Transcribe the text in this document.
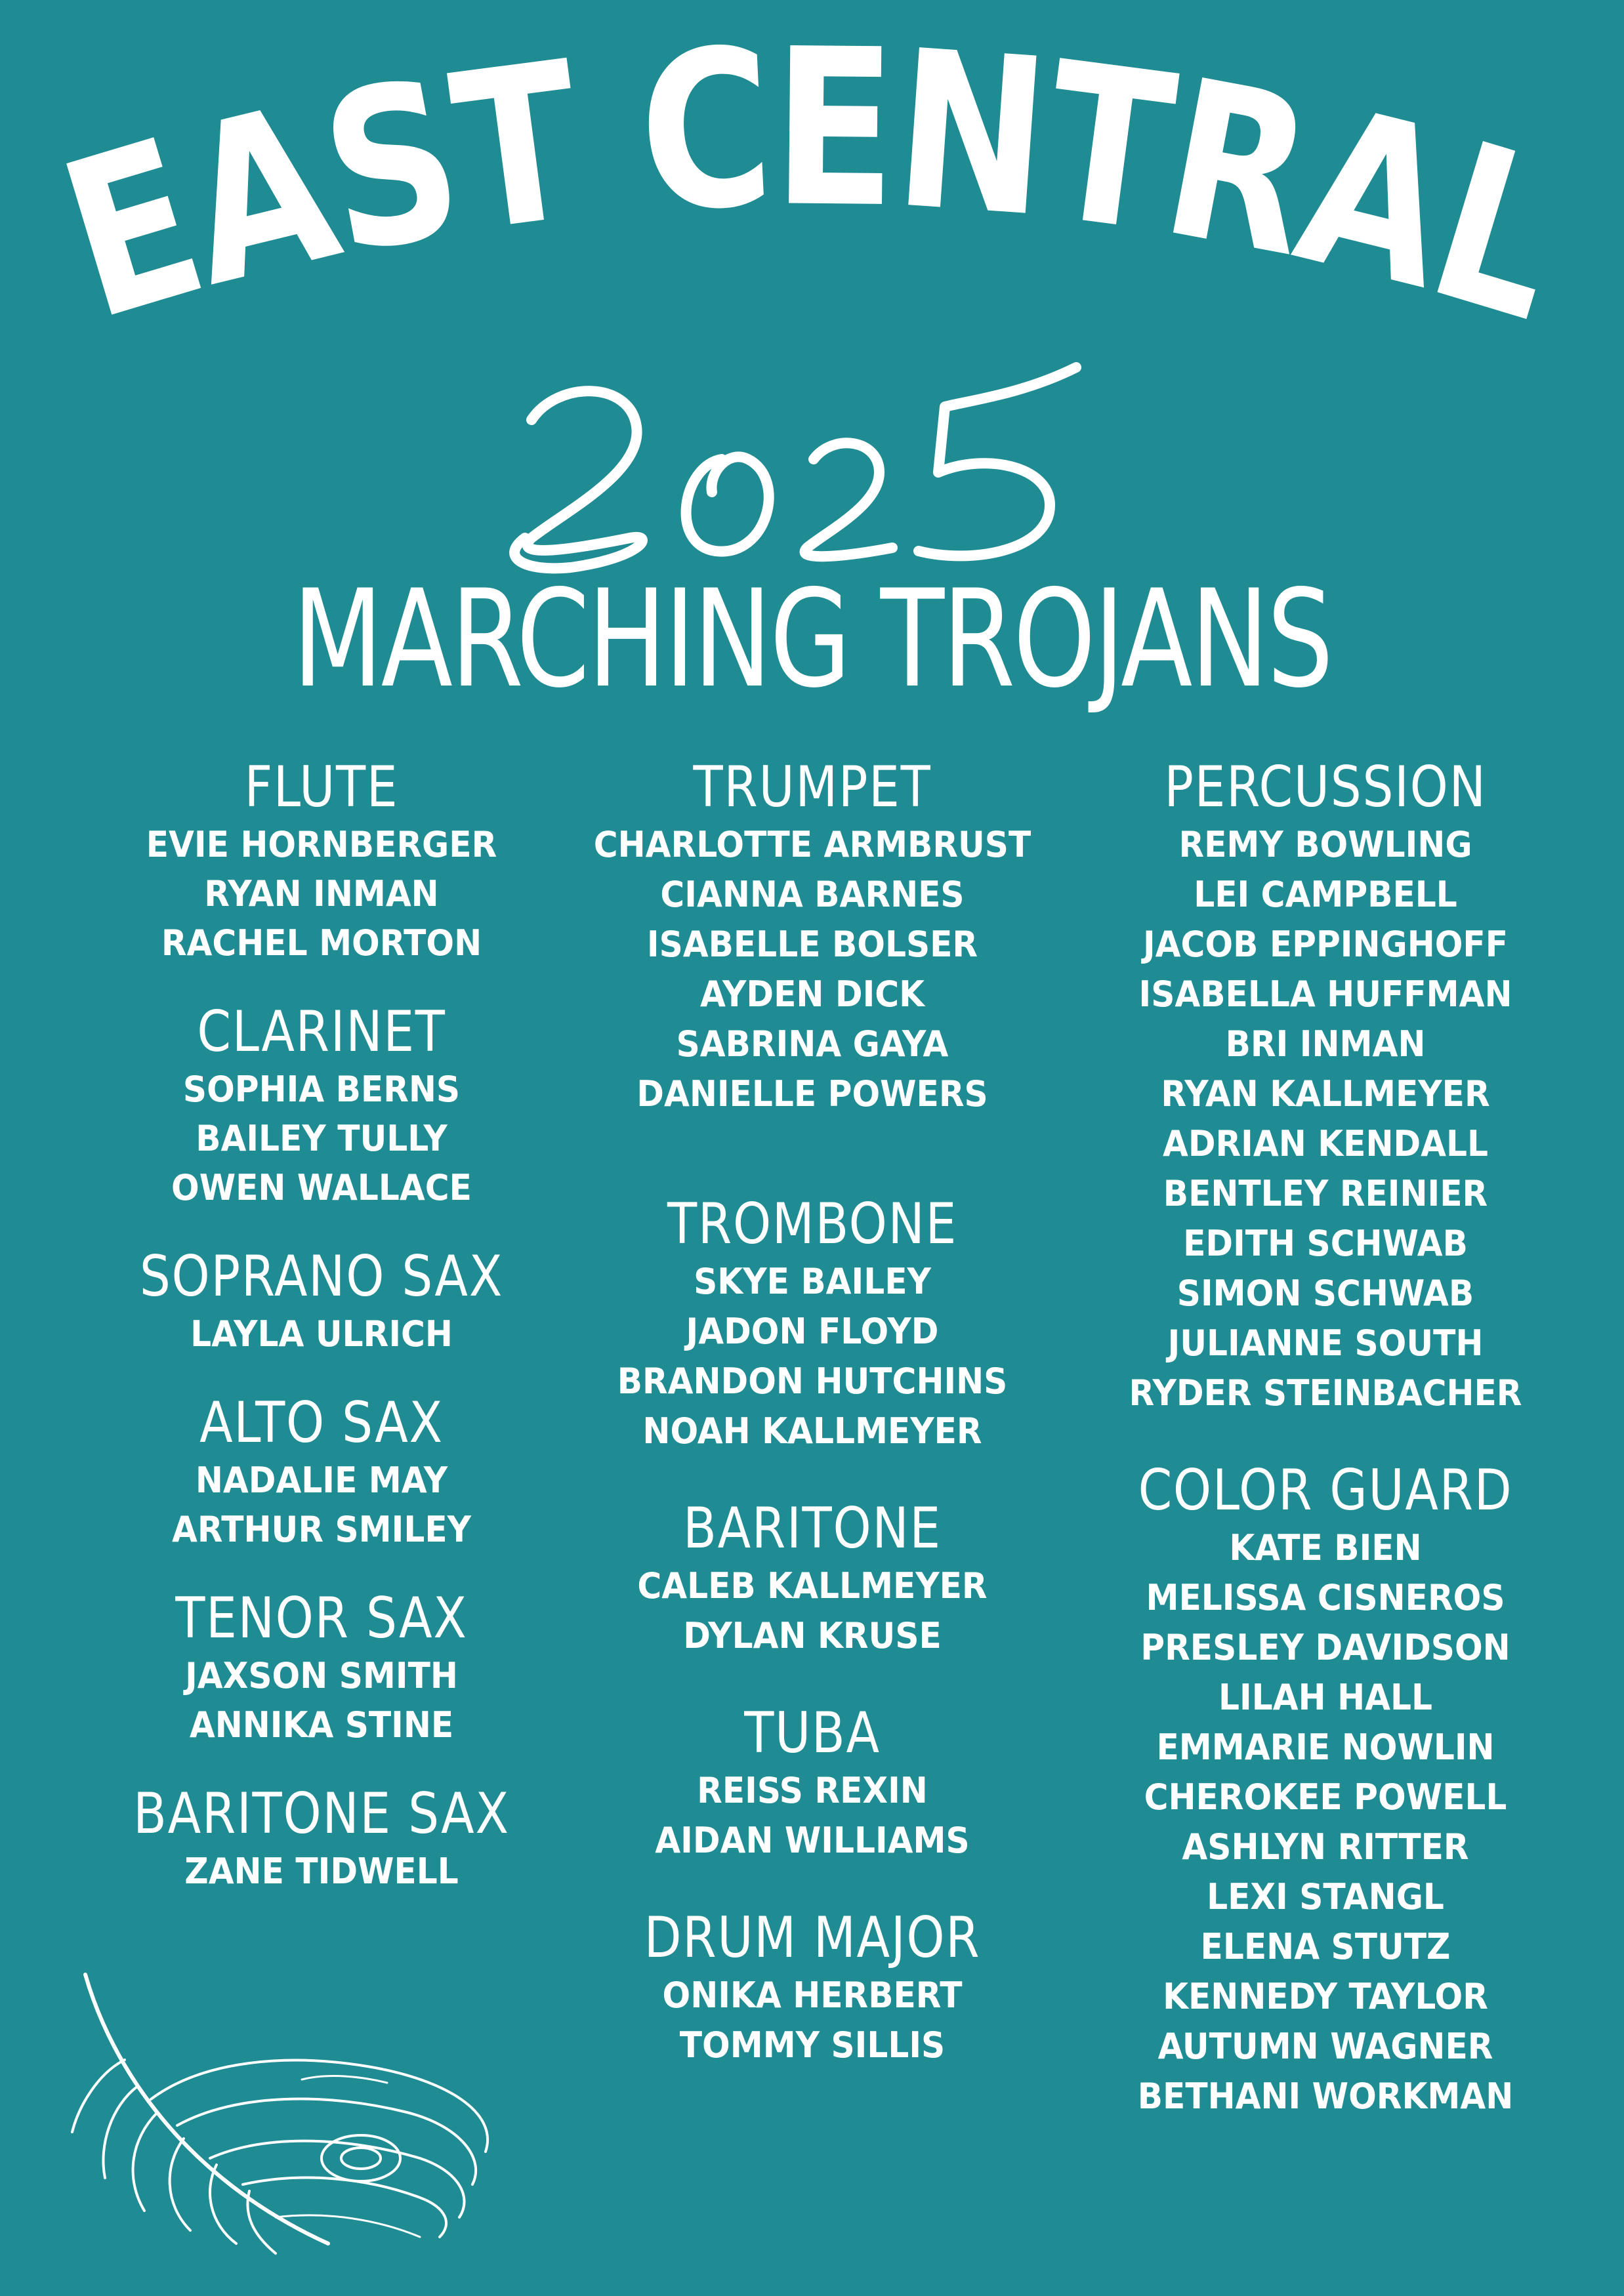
EAST CENTRAL
MARCHING TROJANS
FLUTE
EVIE HORNBERGER
RYAN INMAN
RACHEL MORTON
CLARINET
SOPHIA BERNS
BAILEY TULLY
OWEN WALLACE
SOPRANO SAX
LAYLA ULRICH
ALTO SAX
NADALIE MAY
ARTHUR SMILEY
TENOR SAX
JAXSON SMITH
ANNIKA STINE
BARITONE SAX
ZANE TIDWELL
TRUMPET
CHARLOTTE ARMBRUST
CIANNA BARNES
ISABELLE BOLSER
AYDEN DICK
SABRINA GAYA
DANIELLE POWERS
TROMBONE
SKYE BAILEY
JADON FLOYD
BRANDON HUTCHINS
NOAH KALLMEYER
BARITONE
CALEB KALLMEYER
DYLAN KRUSE
TUBA
REISS REXIN
AIDAN WILLIAMS
DRUM MAJOR
ONIKA HERBERT
TOMMY SILLIS
PERCUSSION
REMY BOWLING
LEI CAMPBELL
JACOB EPPINGHOFF
ISABELLA HUFFMAN
BRI INMAN
RYAN KALLMEYER
ADRIAN KENDALL
BENTLEY REINIER
EDITH SCHWAB
SIMON SCHWAB
JULIANNE SOUTH
RYDER STEINBACHER
COLOR GUARD
KATE BIEN
MELISSA CISNEROS
PRESLEY DAVIDSON
LILAH HALL
EMMARIE NOWLIN
CHEROKEE POWELL
ASHLYN RITTER
LEXI STANGL
ELENA STUTZ
KENNEDY TAYLOR
AUTUMN WAGNER
BETHANI WORKMAN
